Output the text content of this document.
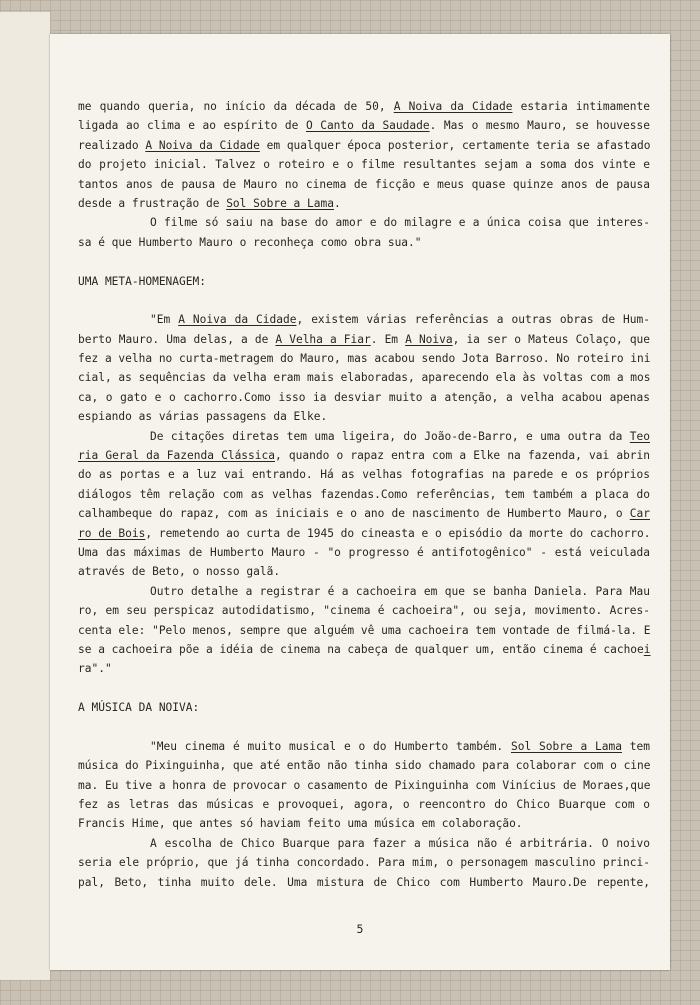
me quando queria, no início da década de 50, A Noiva da Cidade estaria intimamente
ligada ao clima e ao espírito de O Canto da Saudade. Mas o mesmo Mauro, se houvesse
realizado A Noiva da Cidade em qualquer época posterior, certamente teria se afastado
do projeto inicial. Talvez o roteiro e o filme resultantes sejam a soma dos vinte e
tantos anos de pausa de Mauro no cinema de ficção e meus quase quinze anos de pausa
desde a frustração de Sol Sobre a Lama.
O filme só saiu na base do amor e do milagre e a única coisa que interes-
sa é que Humberto Mauro o reconheça como obra sua."
UMA META-HOMENAGEM:
"Em A Noiva da Cidade, existem várias referências a outras obras de Hum-
berto Mauro. Uma delas, a de A Velha a Fiar. Em A Noiva, ia ser o Mateus Colaço, que
fez a velha no curta-metragem do Mauro, mas acabou sendo Jota Barroso. No roteiro ini
cial, as sequências da velha eram mais elaboradas, aparecendo ela às voltas com a mos
ca, o gato e o cachorro.Como isso ia desviar muito a atenção, a velha acabou apenas
espiando as várias passagens da Elke.
De citações diretas tem uma ligeira, do João-de-Barro, e uma outra da Teo
ria Geral da Fazenda Clássica, quando o rapaz entra com a Elke na fazenda, vai abrin
do as portas e a luz vai entrando. Há as velhas fotografias na parede e os próprios
diálogos têm relação com as velhas fazendas.Como referências, tem também a placa do
calhambeque do rapaz, com as iniciais e o ano de nascimento de Humberto Mauro, o Car
ro de Bois, remetendo ao curta de 1945 do cineasta e o episódio da morte do cachorro.
Uma das máximas de Humberto Mauro - "o progresso é antifotogênico" - está veiculada
através de Beto, o nosso galã.
Outro detalhe a registrar é a cachoeira em que se banha Daniela. Para Mau
ro, em seu perspicaz autodidatismo, "cinema é cachoeira", ou seja, movimento. Acres-
centa ele: "Pelo menos, sempre que alguém vê uma cachoeira tem vontade de filmá-la. E
se a cachoeira põe a idéia de cinema na cabeça de qualquer um, então cinema é cachoei
ra"."
A MÚSICA DA NOIVA:
"Meu cinema é muito musical e o do Humberto também. Sol Sobre a Lama tem
música do Pixinguinha, que até então não tinha sido chamado para colaborar com o cine
ma. Eu tive a honra de provocar o casamento de Pixinguinha com Vinícius de Moraes,que
fez as letras das músicas e provoquei, agora, o reencontro do Chico Buarque com o
Francis Hime, que antes só haviam feito uma música em colaboração.
A escolha de Chico Buarque para fazer a música não é arbitrária. O noivo
seria ele próprio, que já tinha concordado. Para mim, o personagem masculino princi-
pal, Beto, tinha muito dele. Uma mistura de Chico com Humberto Mauro.De repente,
5
